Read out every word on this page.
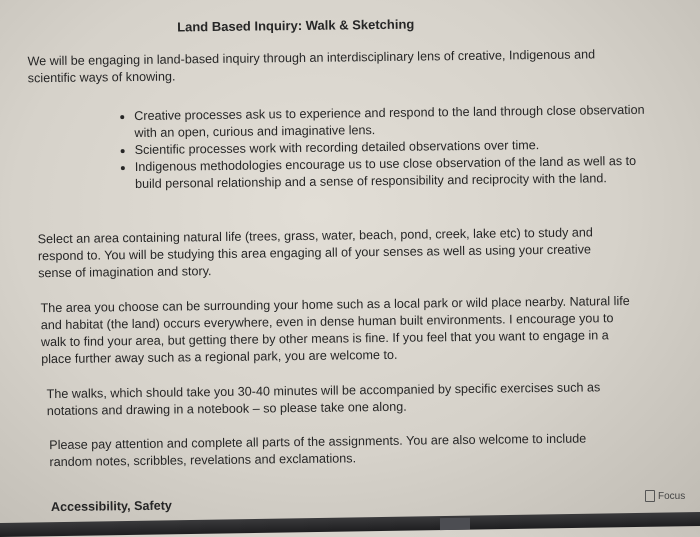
Land Based Inquiry: Walk & Sketching
We will be engaging in land-based inquiry through an interdisciplinary lens of creative, Indigenous and scientific ways of knowing.
• Creative processes ask us to experience and respond to the land through close observation with an open, curious and imaginative lens.
• Scientific processes work with recording detailed observations over time.
• Indigenous methodologies encourage us to use close observation of the land as well as to build personal relationship and a sense of responsibility and reciprocity with the land.
Select an area containing natural life (trees, grass, water, beach, pond, creek, lake etc) to study and respond to. You will be studying this area engaging all of your senses as well as using your creative sense of imagination and story.
The area you choose can be surrounding your home such as a local park or wild place nearby. Natural life and habitat (the land) occurs everywhere, even in dense human built environments. I encourage you to walk to find your area, but getting there by other means is fine. If you feel that you want to engage in a place further away such as a regional park, you are welcome to.
The walks, which should take you 30-40 minutes will be accompanied by specific exercises such as notations and drawing in a notebook – so please take one along.
Please pay attention and complete all parts of the assignments. You are also welcome to include random notes, scribbles, revelations and exclamations.
Accessibility, Safety
Focus
